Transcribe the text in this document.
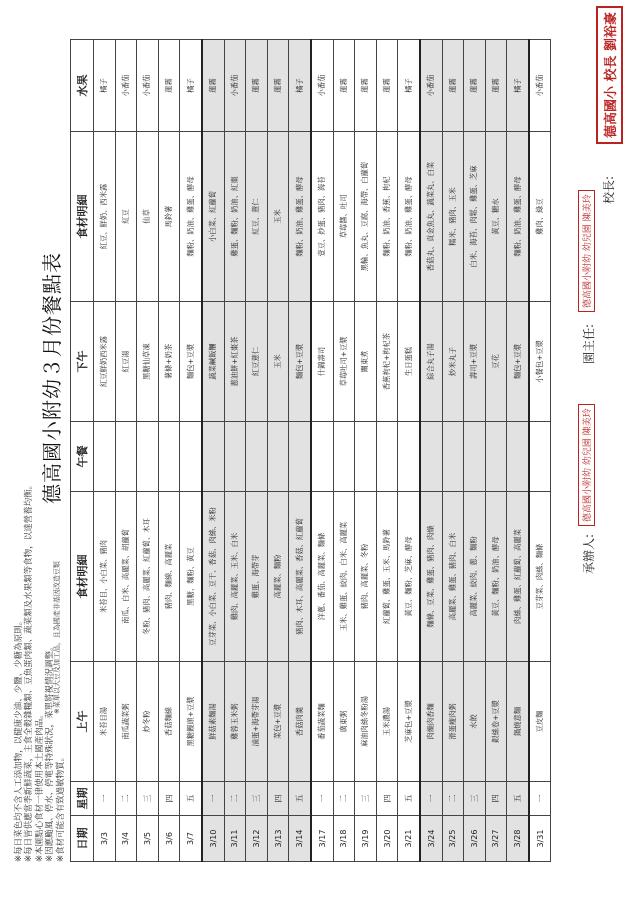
※每日菜色均不含人工添加物，以健康少油、少鹽、少糖為原則。 ※每日皆供應當季新鮮蔬菜，主食全穀雜糧類、豆魚蛋肉類、蔬菜類及水果類等食物，以達營養均衡。 ※本園點心食材一律使用本土國產肉品。 ※因應颱風、停水、停電等特殊狀況，菜單將視情況調整。 ※食材可能含有致過敏物質。
德高國小附幼３月份餐點表
※菜單以大豆及加工品，且為國產非基因改造豆類
日期	星期	上午	食材明細	午餐	下午	食材明細	水果
3/3	一	米苔目湯	米苔目、小白菜、豬肉		紅豆鮮奶西米露	紅豆、鮮奶、西米露	橘子
3/4	二	南瓜蔬菜粥	南瓜、白米、高麗菜、胡蘿蔔		紅豆湯	紅豆	小番茄
3/5	三	炒冬粉	冬粉、豬肉、高麗菜、紅蘿蔔、木耳		黑糖仙草凍	仙草	小番茄
3/6	四	香菇麵線	豬肉、麵線、高麗菜		薯條+奶茶	馬鈴薯	蓮霧
3/7	五	黑糖饅頭+豆漿	黑糖、麵粉、黃豆		麵包+豆漿	麵粉、奶油、雞蛋、酵母	橘子
3/10	一	鮮菇素麵湯	豆芽菜、小白菜、豆干、香菇、肉絲、米粉		蔬菜鹹飯糰	小白菜、紅蘿蔔	蓮霧
3/11	二	雞蓉玉米粥	雞肉、高麗菜、玉米、白米		蔥油餅+紅棗茶	雞蛋、麵粉、奶油、紅棗	小番茄
3/12	三	滷蛋+海帶芽湯	雞蛋、海帶芽		紅豆薏仁	紅豆、薏仁	蓮霧
3/13	四	菜包+豆漿	高麗菜、麵粉		玉米	玉米	蓮霧
3/14	五	香菇肉羹	豬肉、木耳、高麗菜、香菇、紅蘿蔔		麵包+豆漿	麵粉、奶油、雞蛋、酵母	橘子
3/17	一	番茄蔬菜麵	洋蔥、番茄、高麗菜、麵條		什錦壽司	壹豆、炒蛋、豬肉、海苔	小番茄
3/18	二	廣東粥	玉米、雞蛋、絞肉、白米、高麗菜		草莓吐司+豆漿	草莓醬、吐司	蓮霧
3/19	三	麻油肉絲冬粉湯	豬肉、高麗菜、冬粉		關東煮	黑輪、魚丸、豆腐、海帶、白蘿蔔	蓮霧
3/20	四	玉米濃湯	紅蘿蔔、雞蛋、玉米、馬鈴薯		香蕉枸杞+枸杞茶	麵粉、奶油、香蕉、枸杞	蓮霧
3/21	五	芝麻包+豆漿	黃豆、麵粉、芝麻、酵母		生日蛋糕	麵粉、奶油、雞蛋、酵母	橘子
3/24	一	肉燥肉香麵	麵條、豆菜、雞蛋、豬肉、肉燥		綜合丸子湯	香菇丸、貢金魚丸、蔬菜丸、白菜	小番茄
3/25	二	滑蛋瘦肉粥	高麗菜、雞蛋、豬肉、白米		炒米丸子	糯米、豬肉、玉米	蓮霧
3/26	三	水餃	高麗菜、絞肉、蔥、麵粉		壽司+豆漿	白米、海苔、肉鬆、雞蛋、芝麻	蓮霧
3/27	四	銀絲卷+豆漿	黃豆、麵粉、奶油、酵母		豆花	黃豆、糖水	蓮霧
3/28	五	鍋燒意麵	肉絲、雞蛋、紅蘿蔔、高麗菜		麵包+豆漿	麵粉、奶油、雞蛋、酵母	橘子
3/31	一	豆皮麵	豆芽菜、肉絲、麵條		小餐包+豆漿	雞肉、綠豆	小番茄
承辦人:
德高國小附幼 幼兒園 陳美玲
園主任:
德高國小附幼 幼兒園 陳美玲
校長:
德高國小 校長 劉裕豪
